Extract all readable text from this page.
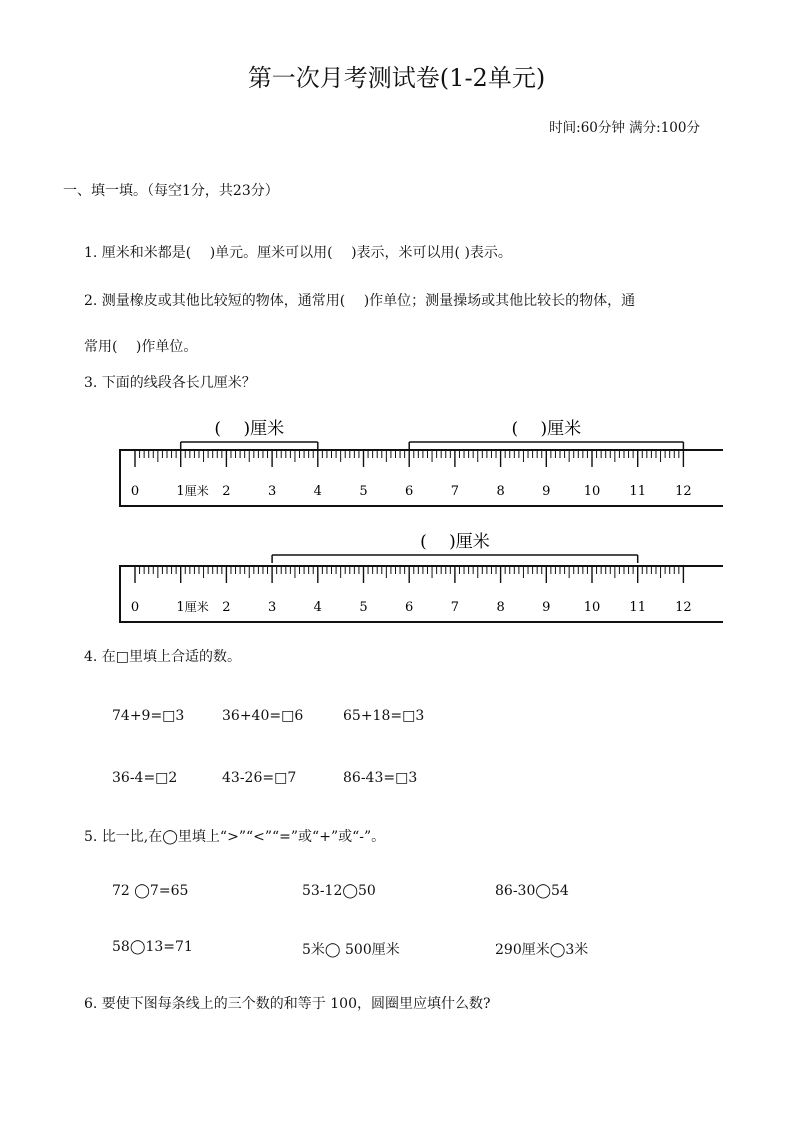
第一次月考测试卷(1-2单元)
时间:60分钟 满分:100分
一、填一填。（每空1分，共23分）
1. 厘米和米都是(　 )单元。厘米可以用(　 )表示，米可以用( )表示。
2. 测量橡皮或其他比较短的物体，通常用(　 )作单位；测量操场或其他比较长的物体，通
常用(　 )作单位。
3. 下面的线段各长几厘米？
0	1 厘米 2	3	4	5	6	7	8	9	10 11 12
(　 )厘米	(　 )厘米
0	1 厘米 2	3	4	5	6	7	8	9	10 11 12
(　 )厘米
4. 在□里填上合适的数。
74+9=□3	36+40=□6	65+18=□3
36-4=□2	43-26=□7	86-43=□3
5. 比一比,在◯里填上“>”“<”“=”或“+”或“-”。
72 ◯7=65	53-12◯50	86-30◯54
58◯13=71	5米◯ 500厘米	290厘米◯3米
6. 要使下图每条线上的三个数的和等于 100，圆圈里应填什么数?
